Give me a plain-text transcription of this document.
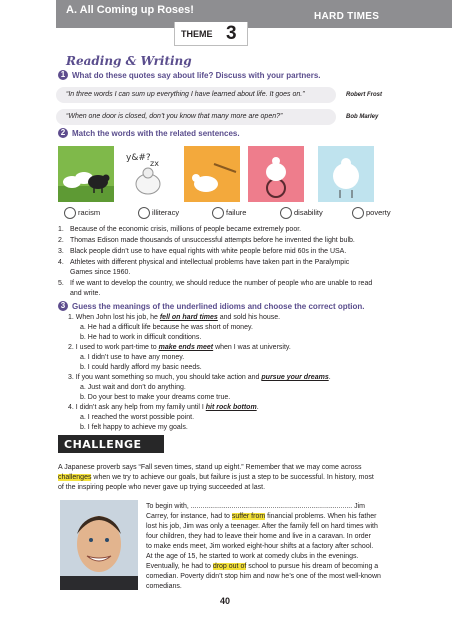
A. All Coming up Roses!
HARD TIMES
THEME 3
Reading & Writing
1 What do these quotes say about life? Discuss with your partners.
“In three words I can sum up everything I have learned about life. It goes on.”	Robert Frost
“When one door is closed, don’t you know that many more are open?”	Bob Marley
2 Match the words with the related sentences.
y&#?
zx
racism	illiteracy	failure	disability	poverty
1. Because of the economic crisis, millions of people became extremely poor.
2. Thomas Edison made thousands of unsuccessful attempts before he invented the light bulb.
3. Black people didn’t use to have equal rights with white people before mid 60s in the USA.
4. Athletes with different physical and intellectual problems have taken part in the Paralympic
Games since 1960.
5. If we want to develop the country, we should reduce the number of people who are unable to read
and write.
3 Guess the meanings of the underlined idioms and choose the correct option.
1. When John lost his job, he fell on hard times and sold his house.
a. He had a difficult life because he was short of money.
b. He had to work in difficult conditions.
2. I used to work part-time to make ends meet when I was at university.
a. I didn’t use to have any money.
b. I could hardly afford my basic needs.
3. If you want something so much, you should take action and pursue your dreams.
a. Just wait and don’t do anything.
b. Do your best to make your dreams come true.
4. I didn’t ask any help from my family until I hit rock bottom.
a. I reached the worst possible point.
b. I felt happy to achieve my goals.
CHALLENGE YOUR LIMITS!
A Japanese proverb says “Fall seven times, stand up eight.” Remember that we may come across
challenges when we try to achieve our goals, but failure is just a step to be successful. In history, most
of the inspiring people who never gave up trying succeeded at last.
To begin with, ................................................................................... Jim
Carrey, for instance, had to suffer from financial problems. When his father
lost his job, Jim was only a teenager. After the family fell on hard times with
four children, they had to leave their home and live in a caravan. In order
to make ends meet, Jim worked eight-hour shifts at a factory after school.
At the age of 15, he started to work at comedy clubs in the evenings.
Eventually, he had to drop out of school to pursue his dream of becoming a
comedian. Poverty didn’t stop him and now he’s one of the most well-known
comedians.
40
